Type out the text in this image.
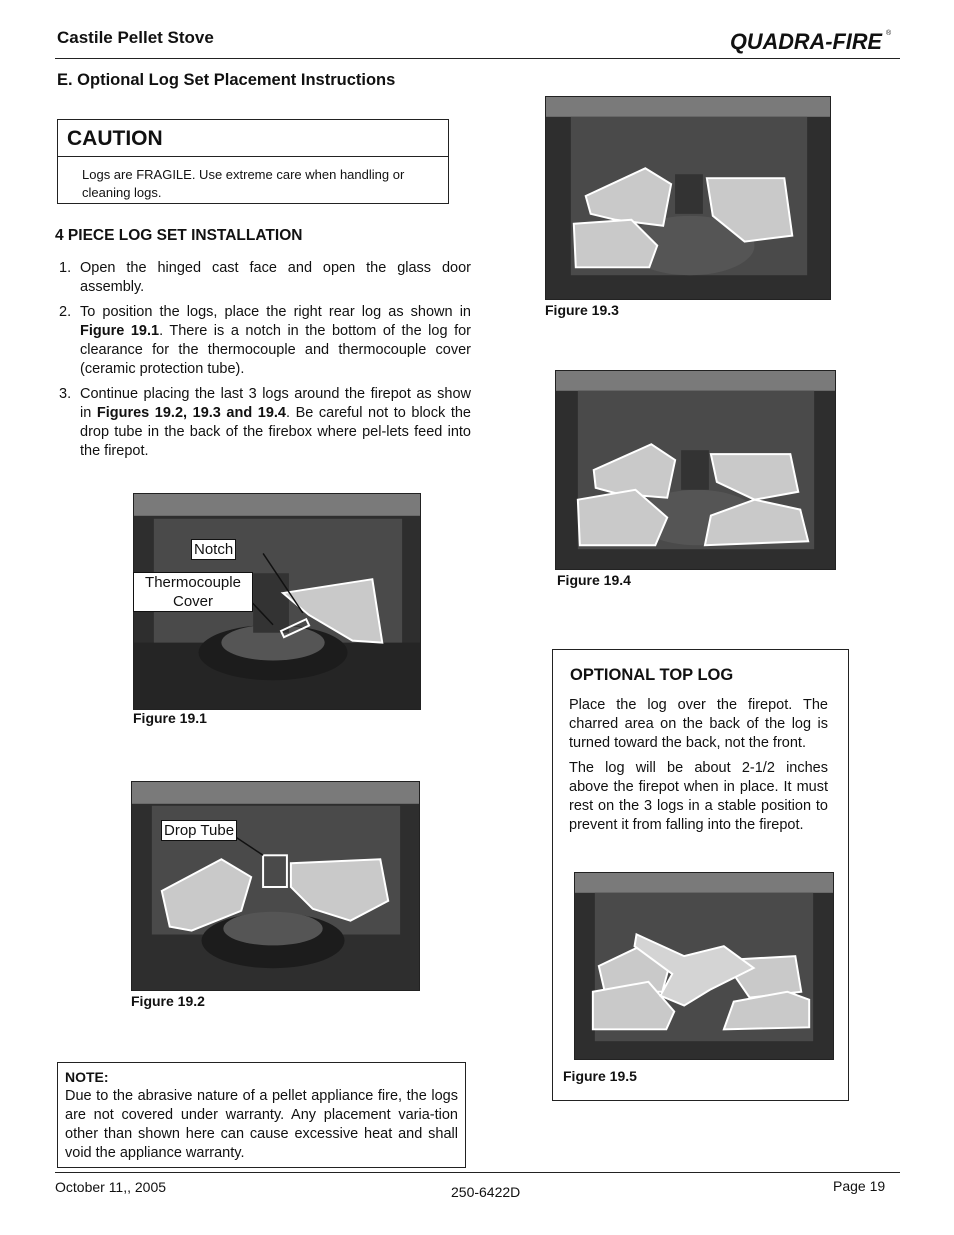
Castile Pellet Stove	QUADRA-FIRE ®
E. Optional Log Set Placement Instructions
CAUTION
Logs are FRAGILE. Use extreme care when handling or cleaning logs.
4 PIECE LOG SET INSTALLATION
1. Open the hinged cast face and open the glass door assembly.
2. To position the logs, place the right rear log as shown in Figure 19.1. There is a notch in the bottom of the log for clearance for the thermocouple and thermocouple cover (ceramic protection tube).
3. Continue placing the last 3 logs around the firepot as show in Figures 19.2, 19.3 and 19.4. Be careful not to block the drop tube in the back of the firebox where pel-lets feed into the firepot.
Notch
Thermocouple Cover
Figure 19.1
Drop Tube
Figure 19.2
Figure 19.3
Figure 19.4
OPTIONAL TOP LOG
Place the log over the firepot. The charred area on the back of the log is turned toward the back, not the front.
The log will be about 2-1/2 inches above the firepot when in place. It must rest on the 3 logs in a stable position to prevent it from falling into the firepot.
Figure 19.5
NOTE:
Due to the abrasive nature of a pellet appliance fire, the logs are not covered under warranty. Any placement varia-tion other than shown here can cause excessive heat and shall void the appliance warranty.
October 11,, 2005	250-6422D	Page 19
